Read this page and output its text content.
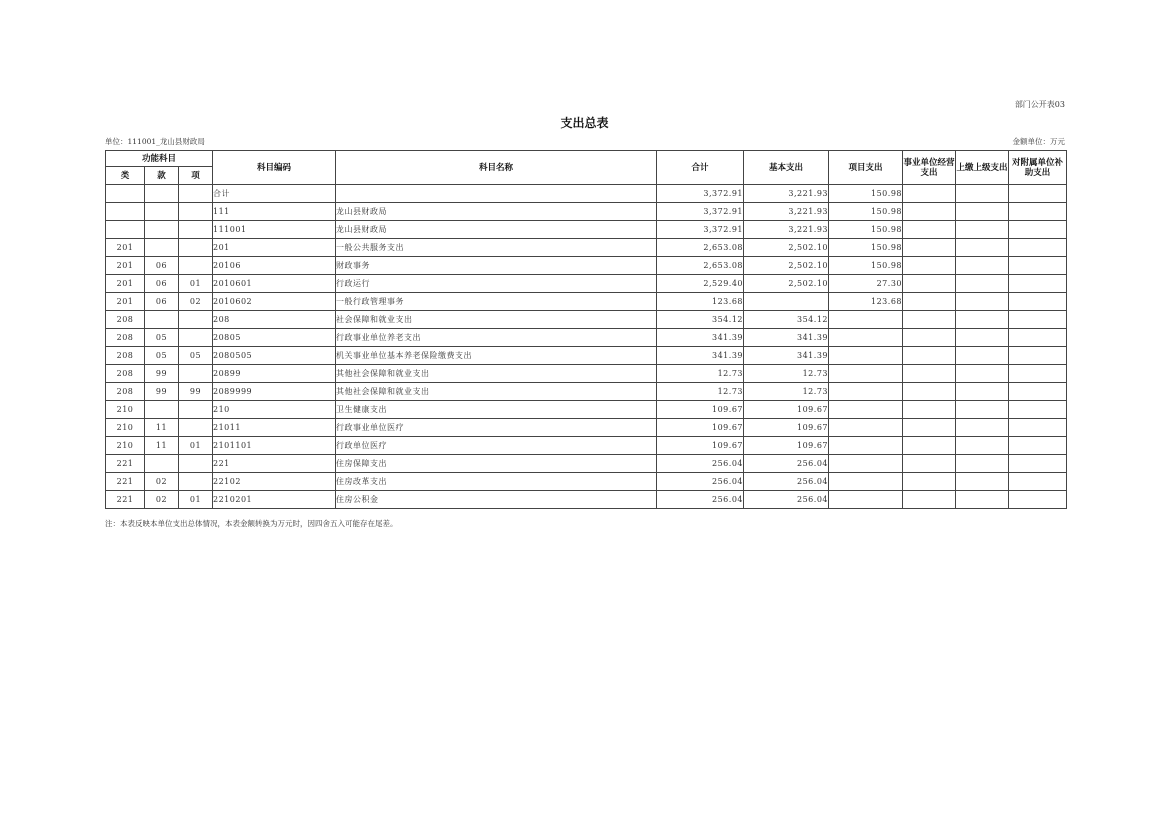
部门公开表03
支出总表
单位：111001_龙山县财政局	金额单位：万元
功能科目			科目编码	科目名称	合计	基本支出	项目支出	事业单位经营支出	上缴上级支出	对附属单位补助支出
类	款	项								
			合计		3,372.91	3,221.93	150.98			
			111	龙山县财政局	3,372.91	3,221.93	150.98			
			111001	龙山县财政局	3,372.91	3,221.93	150.98			
201			201	一般公共服务支出	2,653.08	2,502.10	150.98			
201	06		20106	财政事务	2,653.08	2,502.10	150.98			
201	06	01	2010601	行政运行	2,529.40	2,502.10	27.30			
201	06	02	2010602	一般行政管理事务	123.68		123.68			
208			208	社会保障和就业支出	354.12	354.12				
208	05		20805	行政事业单位养老支出	341.39	341.39				
208	05	05	2080505	机关事业单位基本养老保险缴费支出	341.39	341.39				
208	99		20899	其他社会保障和就业支出	12.73	12.73				
208	99	99	2089999	其他社会保障和就业支出	12.73	12.73				
210			210	卫生健康支出	109.67	109.67				
210	11		21011	行政事业单位医疗	109.67	109.67				
210	11	01	2101101	行政单位医疗	109.67	109.67				
221			221	住房保障支出	256.04	256.04				
221	02		22102	住房改革支出	256.04	256.04				
221	02	01	2210201	住房公积金	256.04	256.04				
注：本表反映本单位支出总体情况，本表金额转换为万元时，因四舍五入可能存在尾差。
